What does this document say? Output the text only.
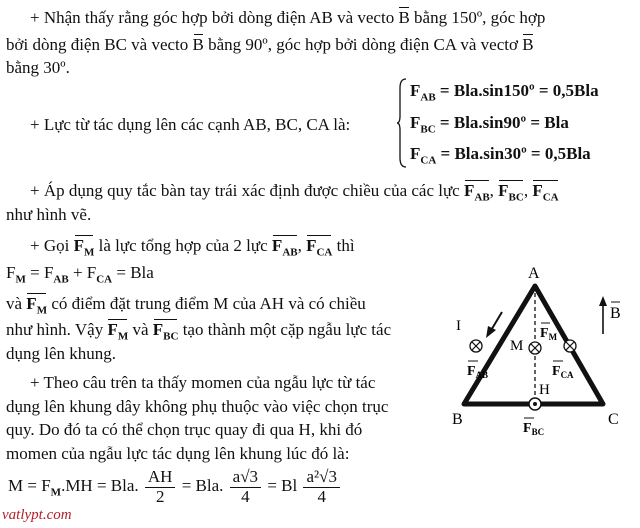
+ Nhận thấy rằng góc hợp bởi dòng điện AB và vecto B bằng 150º, góc hợp
bởi dòng điện BC và vecto B bằng 90º, góc hợp bởi dòng điện CA và vectơ B
bằng 30º.
+ Lực từ tác dụng lên các cạnh AB, BC, CA là:
$F_{AB}$ = Bla.sin150º = 0,5Bla
$F_{BC}$ = Bla.sin90º = Bla
$F_{CA}$ = Bla.sin30º = 0,5Bla
+ Áp dụng quy tắc bàn tay trái xác định được chiều của các lực $F_{AB}$, $F_{BC}$, $F_{CA}$
như hình vẽ.
+ Gọi $F_M$ là lực tổng hợp của 2 lực $F_{AB}$, $F_{CA}$ thì
$F_M = F_{AB} + F_{CA}$ = Bla
và $F_M$ có điểm đặt trung điểm M của AH và có chiều
như hình. Vậy $F_M$ và $F_{BC}$ tạo thành một cặp ngẫu lực tác
dụng lên khung.
+ Theo câu trên ta thấy momen của ngẫu lực từ tác
dụng lên khung dây không phụ thuộc vào việc chọn trục
quy. Do đó ta có thể chọn trục quay đi qua H, khi đó
momen của ngẫu lực tác dụng lên khung lúc đó là:
$M = F_M.MH$ = Bla. $\frac{AH}{2}$ = Bla. $\frac{a√3}{4} = Bl \frac{\text{a²√3}}{4}$
A
B	C
H
I
M
$F_{AB}$	$F_{CA}$
$F_M$
$F_{BC}$
B
vatlypt.com
